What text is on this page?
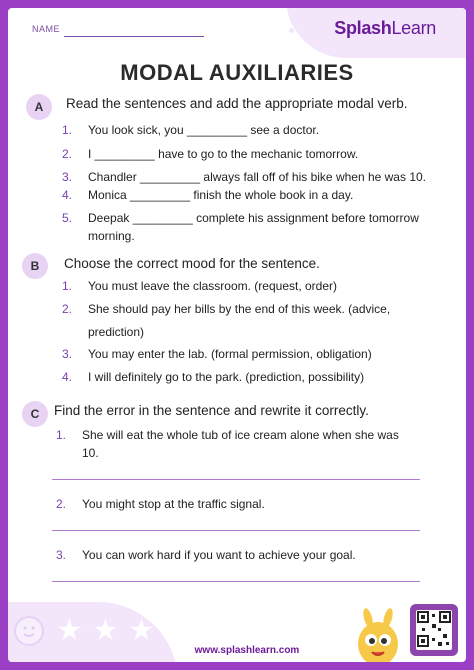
NAME	SplashLearn
MODAL AUXILIARIES
A	Read the sentences and add the appropriate modal verb.
1.	You look sick, you _________ see a doctor.
2.	I _________ have to go to the mechanic tomorrow.
3.	Chandler _________ always fall off of his bike when he was 10.
4.	Monica _________ finish the whole book in a day.
5.	Deepak _________ complete his assignment before tomorrow
morning.
B	Choose the correct mood for the sentence.
1.	You must leave the classroom. (request, order)
2.	She should pay her bills by the end of this week. (advice,
prediction)
3.	You may enter the lab. (formal permission, obligation)
4.	I will definitely go to the park. (prediction, possibility)
C	Find the error in the sentence and rewrite it correctly.
1.	She will eat the whole tub of ice cream alone when she was
10.
2.	You might stop at the traffic signal.
3.	You can work hard if you want to achieve your goal.
★ ★ ★
www.splashlearn.com
